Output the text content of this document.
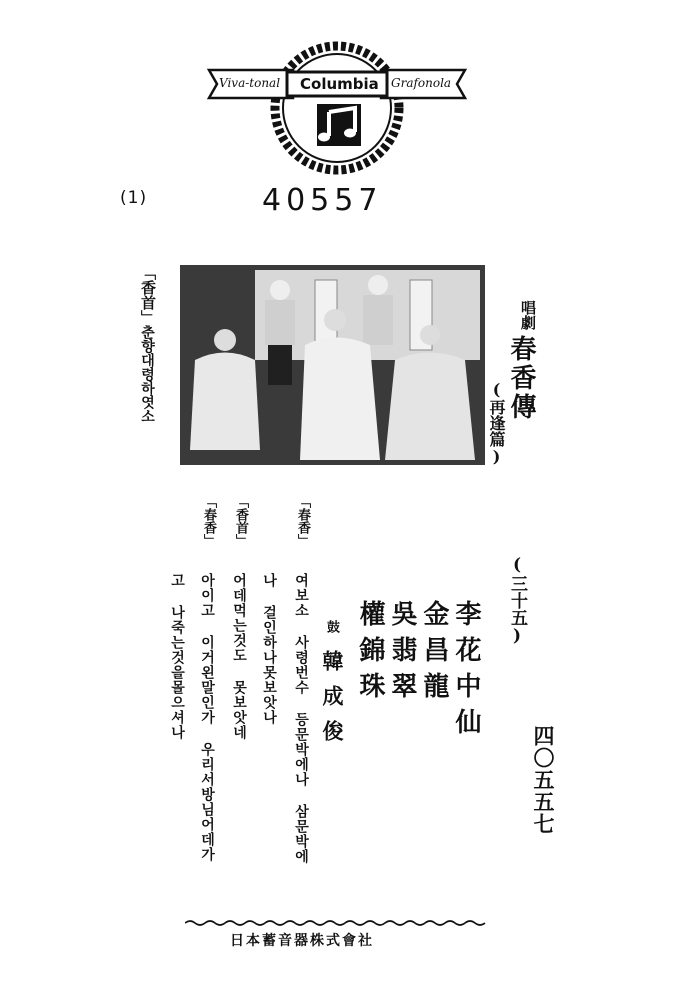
Columbia
Viva-tonal	Grafonola
40557
(1)
「香首」
춘향대령하엿소
唱劇
春香傳
(再逢篇)
(三十五)
李花中仙
金昌龍
吳翡翠
權錦珠
鼓
韓成俊
四〇五五七
「春香」
여보소 사령번수 등문박에나 삼문박에
나 걸인하나못보앗나
「香首」
어데먹는것도 못보앗네
「春香」
아이고 이거왼말인가 우리서방님어데가
고 나죽는것을몰으셔나
日本蓄音器株式會社
